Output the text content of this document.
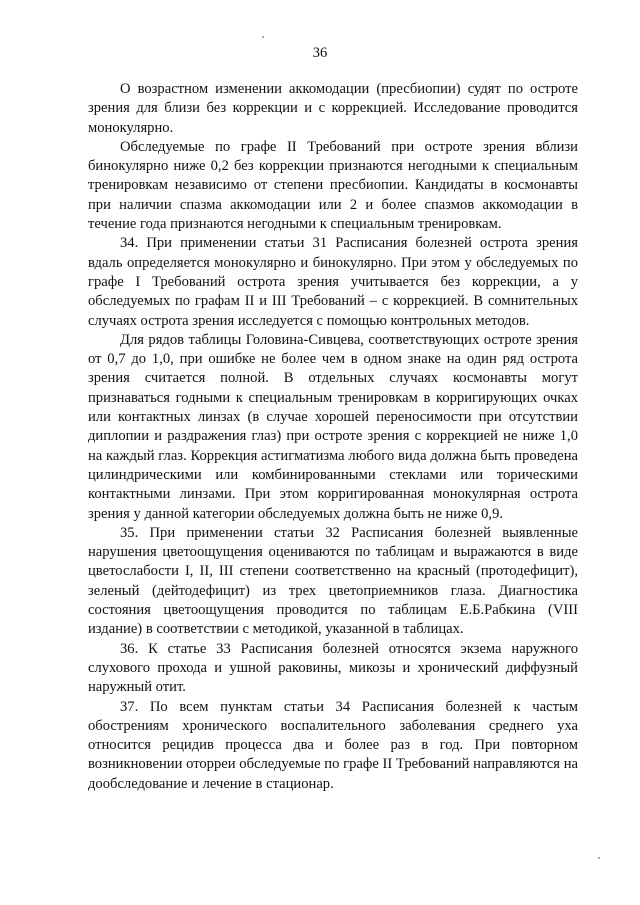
36

О возрастном изменении аккомодации (пресбиопии) судят по остроте зрения для близи без коррекции и с коррекцией. Исследование проводится монокулярно.

Обследуемые по графе II Требований при остроте зрения вблизи бинокулярно ниже 0,2 без коррекции признаются негодными к специальным тренировкам независимо от степени пресбиопии. Кандидаты в космонавты при наличии спазма аккомодации или 2 и более спазмов аккомодации в течение года признаются негодными к специальным тренировкам.

34. При применении статьи 31 Расписания болезней острота зрения вдаль определяется монокулярно и бинокулярно. При этом у обследуемых по графе I Требований острота зрения учитывается без коррекции, а у обследуемых по графам II и III Требований – с коррекцией. В сомнительных случаях острота зрения исследуется с помощью контрольных методов.

Для рядов таблицы Головина-Сивцева, соответствующих остроте зрения от 0,7 до 1,0, при ошибке не более чем в одном знаке на один ряд острота зрения считается полной. В отдельных случаях космонавты могут признаваться годными к специальным тренировкам в корригирующих очках или контактных линзах (в случае хорошей переносимости при отсутствии диплопии и раздражения глаз) при остроте зрения с коррекцией не ниже 1,0 на каждый глаз. Коррекция астигматизма любого вида должна быть проведена цилиндрическими или комбинированными стеклами или торическими контактными линзами. При этом корригированная монокулярная острота зрения у данной категории обследуемых должна быть не ниже 0,9.

35. При применении статьи 32 Расписания болезней выявленные нарушения цветоощущения оцениваются по таблицам и выражаются в виде цветослабости I, II, III степени соответственно на красный (протодефицит), зеленый (дейтодефицит) из трех цветоприемников глаза. Диагностика состояния цветоощущения проводится по таблицам Е.Б.Рабкина (VIII издание) в соответствии с методикой, указанной в таблицах.

36. К статье 33 Расписания болезней относятся экзема наружного слухового прохода и ушной раковины, микозы и хронический диффузный наружный отит.

37. По всем пунктам статьи 34 Расписания болезней к частым обострениям хронического воспалительного заболевания среднего уха относится рецидив процесса два и более раз в год. При повторном возникновении оторреи обследуемые по графе II Требований направляются на дообследование и лечение в стационар.
